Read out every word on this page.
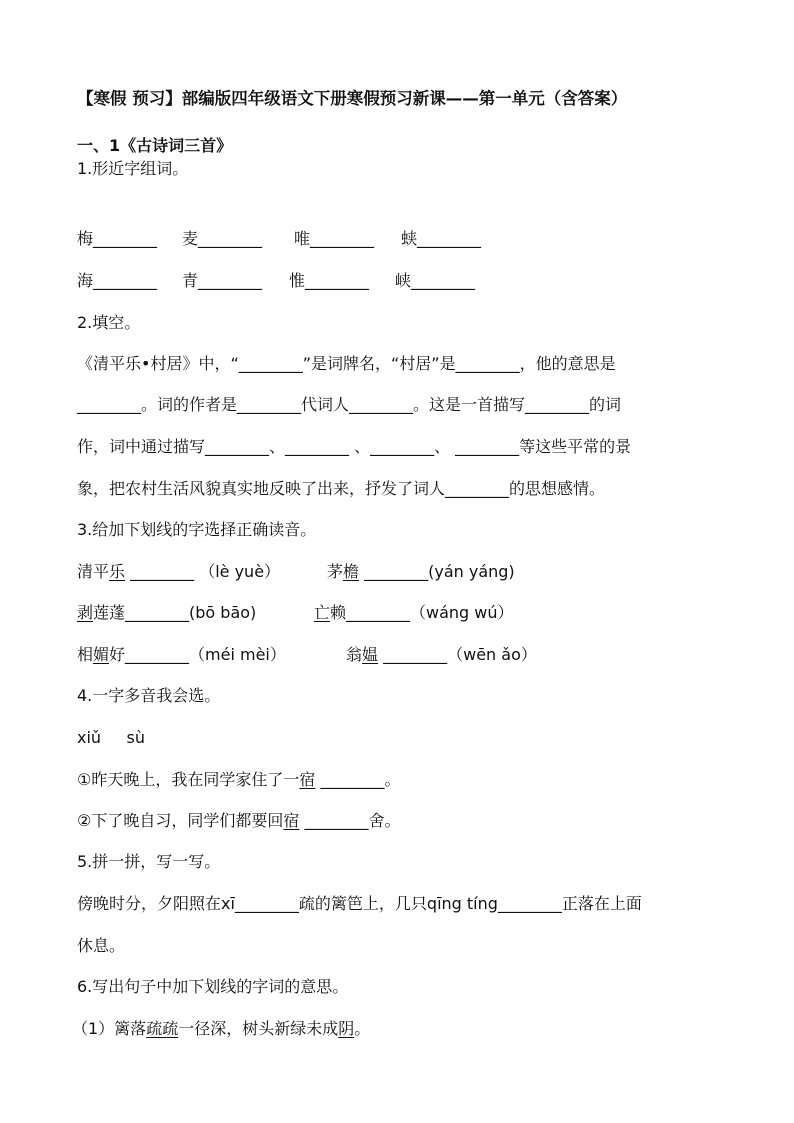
【寒假 预习】部编版四年级语文下册寒假预习新课——第一单元（含答案）
一、1《古诗词三首》
1.形近字组词。
梅________ 麦________ 唯________ 蛱________
海________ 青________ 惟________ 峡________
2.填空。
《清平乐•村居》中，“________”是词牌名，“村居”是________，他的意思是
________。词的作者是________代词人________。这是一首描写________的词
作，词中通过描写________、________ 、________、 ________等这些平常的景
象，把农村生活风貌真实地反映了出来，抒发了词人________的思想感情。
3.给加下划线的字选择正确读音。
清平乐 ________ （lè yuè）	茅檐 ________(yán yáng)
剥莲蓬________(bō bāo)	亡赖________（wáng wú）
相媚好________（méi mèi）	翁媪 ________（wēn ǎo）
4.一字多音我会选。
xiǔ     sù
①昨天晚上，我在同学家住了一宿 ________。
②下了晚自习，同学们都要回宿 ________舍。
5.拼一拼，写一写。
傍晚时分，夕阳照在xī________疏的篱笆上，几只qīng tíng________正落在上面
休息。
6.写出句子中加下划线的字词的意思。
（1）篱落疏疏一径深，树头新绿未成阴。
